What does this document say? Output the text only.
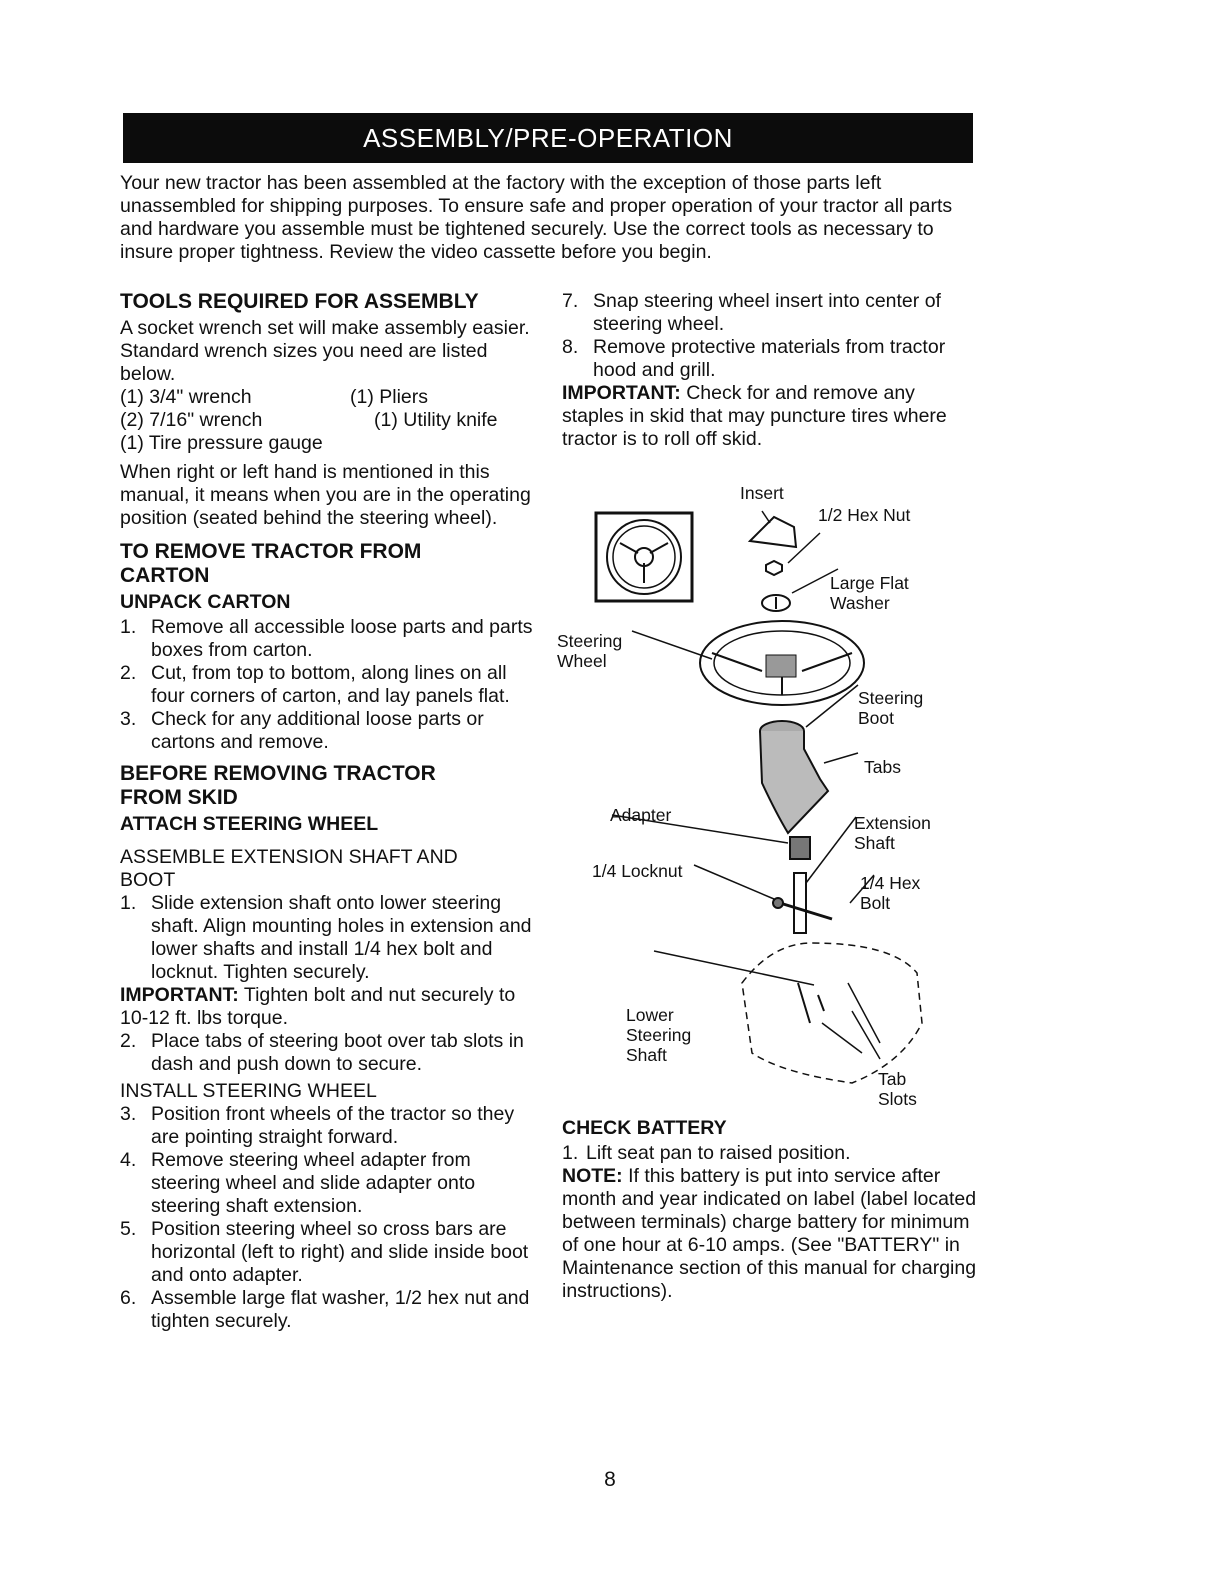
ASSEMBLY/PRE-OPERATION

Your new tractor has been assembled at the factory with the exception of those parts left unassembled for shipping purposes. To ensure safe and proper operation of your tractor all parts and hardware you assemble must be tightened securely. Use the correct tools as necessary to insure proper tightness. Review the video cassette before you begin.

TOOLS REQUIRED FOR ASSEMBLY

A socket wrench set will make assembly easier. Standard wrench sizes you need are listed below.

(1) 3/4" wrench	(1) Pliers
(2) 7/16" wrench	(1) Utility knife
(1) Tire pressure gauge

When right or left hand is mentioned in this manual, it means when you are in the operating position (seated behind the steering wheel).

TO REMOVE TRACTOR FROM CARTON
UNPACK CARTON
1. Remove all accessible loose parts and parts boxes from carton.
2. Cut, from top to bottom, along lines on all four corners of carton, and lay panels flat.
3. Check for any additional loose parts or cartons and remove.
BEFORE REMOVING TRACTOR FROM SKID
ATTACH STEERING WHEEL
ASSEMBLE EXTENSION SHAFT AND BOOT
1. Slide extension shaft onto lower steering shaft. Align mounting holes in extension and lower shafts and install 1/4 hex bolt and locknut. Tighten securely.

IMPORTANT: Tighten bolt and nut securely to 10-12 ft. lbs torque.

2. Place tabs of steering boot over tab slots in dash and push down to secure.
INSTALL STEERING WHEEL
3. Position front wheels of the tractor so they are pointing straight forward.
4. Remove steering wheel adapter from steering wheel and slide adapter onto steering shaft extension.
5. Position steering wheel so cross bars are horizontal (left to right) and slide inside boot and onto adapter.
6. Assemble large flat washer, 1/2 hex nut and tighten securely.
7. Snap steering wheel insert into center of steering wheel.
8. Remove protective materials from tractor hood and grill.

IMPORTANT: Check for and remove any staples in skid that may puncture tires where tractor is to roll off skid.

Insert
1/2 Hex Nut
Large Flat Washer
Steering Wheel
Steering Boot
Tabs
Adapter	Extension Shaft
1/4 Locknut
1/4 Hex Bolt
Lower Steering Shaft
Tab Slots
CHECK BATTERY
1. Lift seat pan to raised position.

NOTE: If this battery is put into service after month and year indicated on label (label located between terminals) charge battery for minimum of one hour at 6-10 amps. (See "BATTERY" in Maintenance section of this manual for charging instructions).

8
